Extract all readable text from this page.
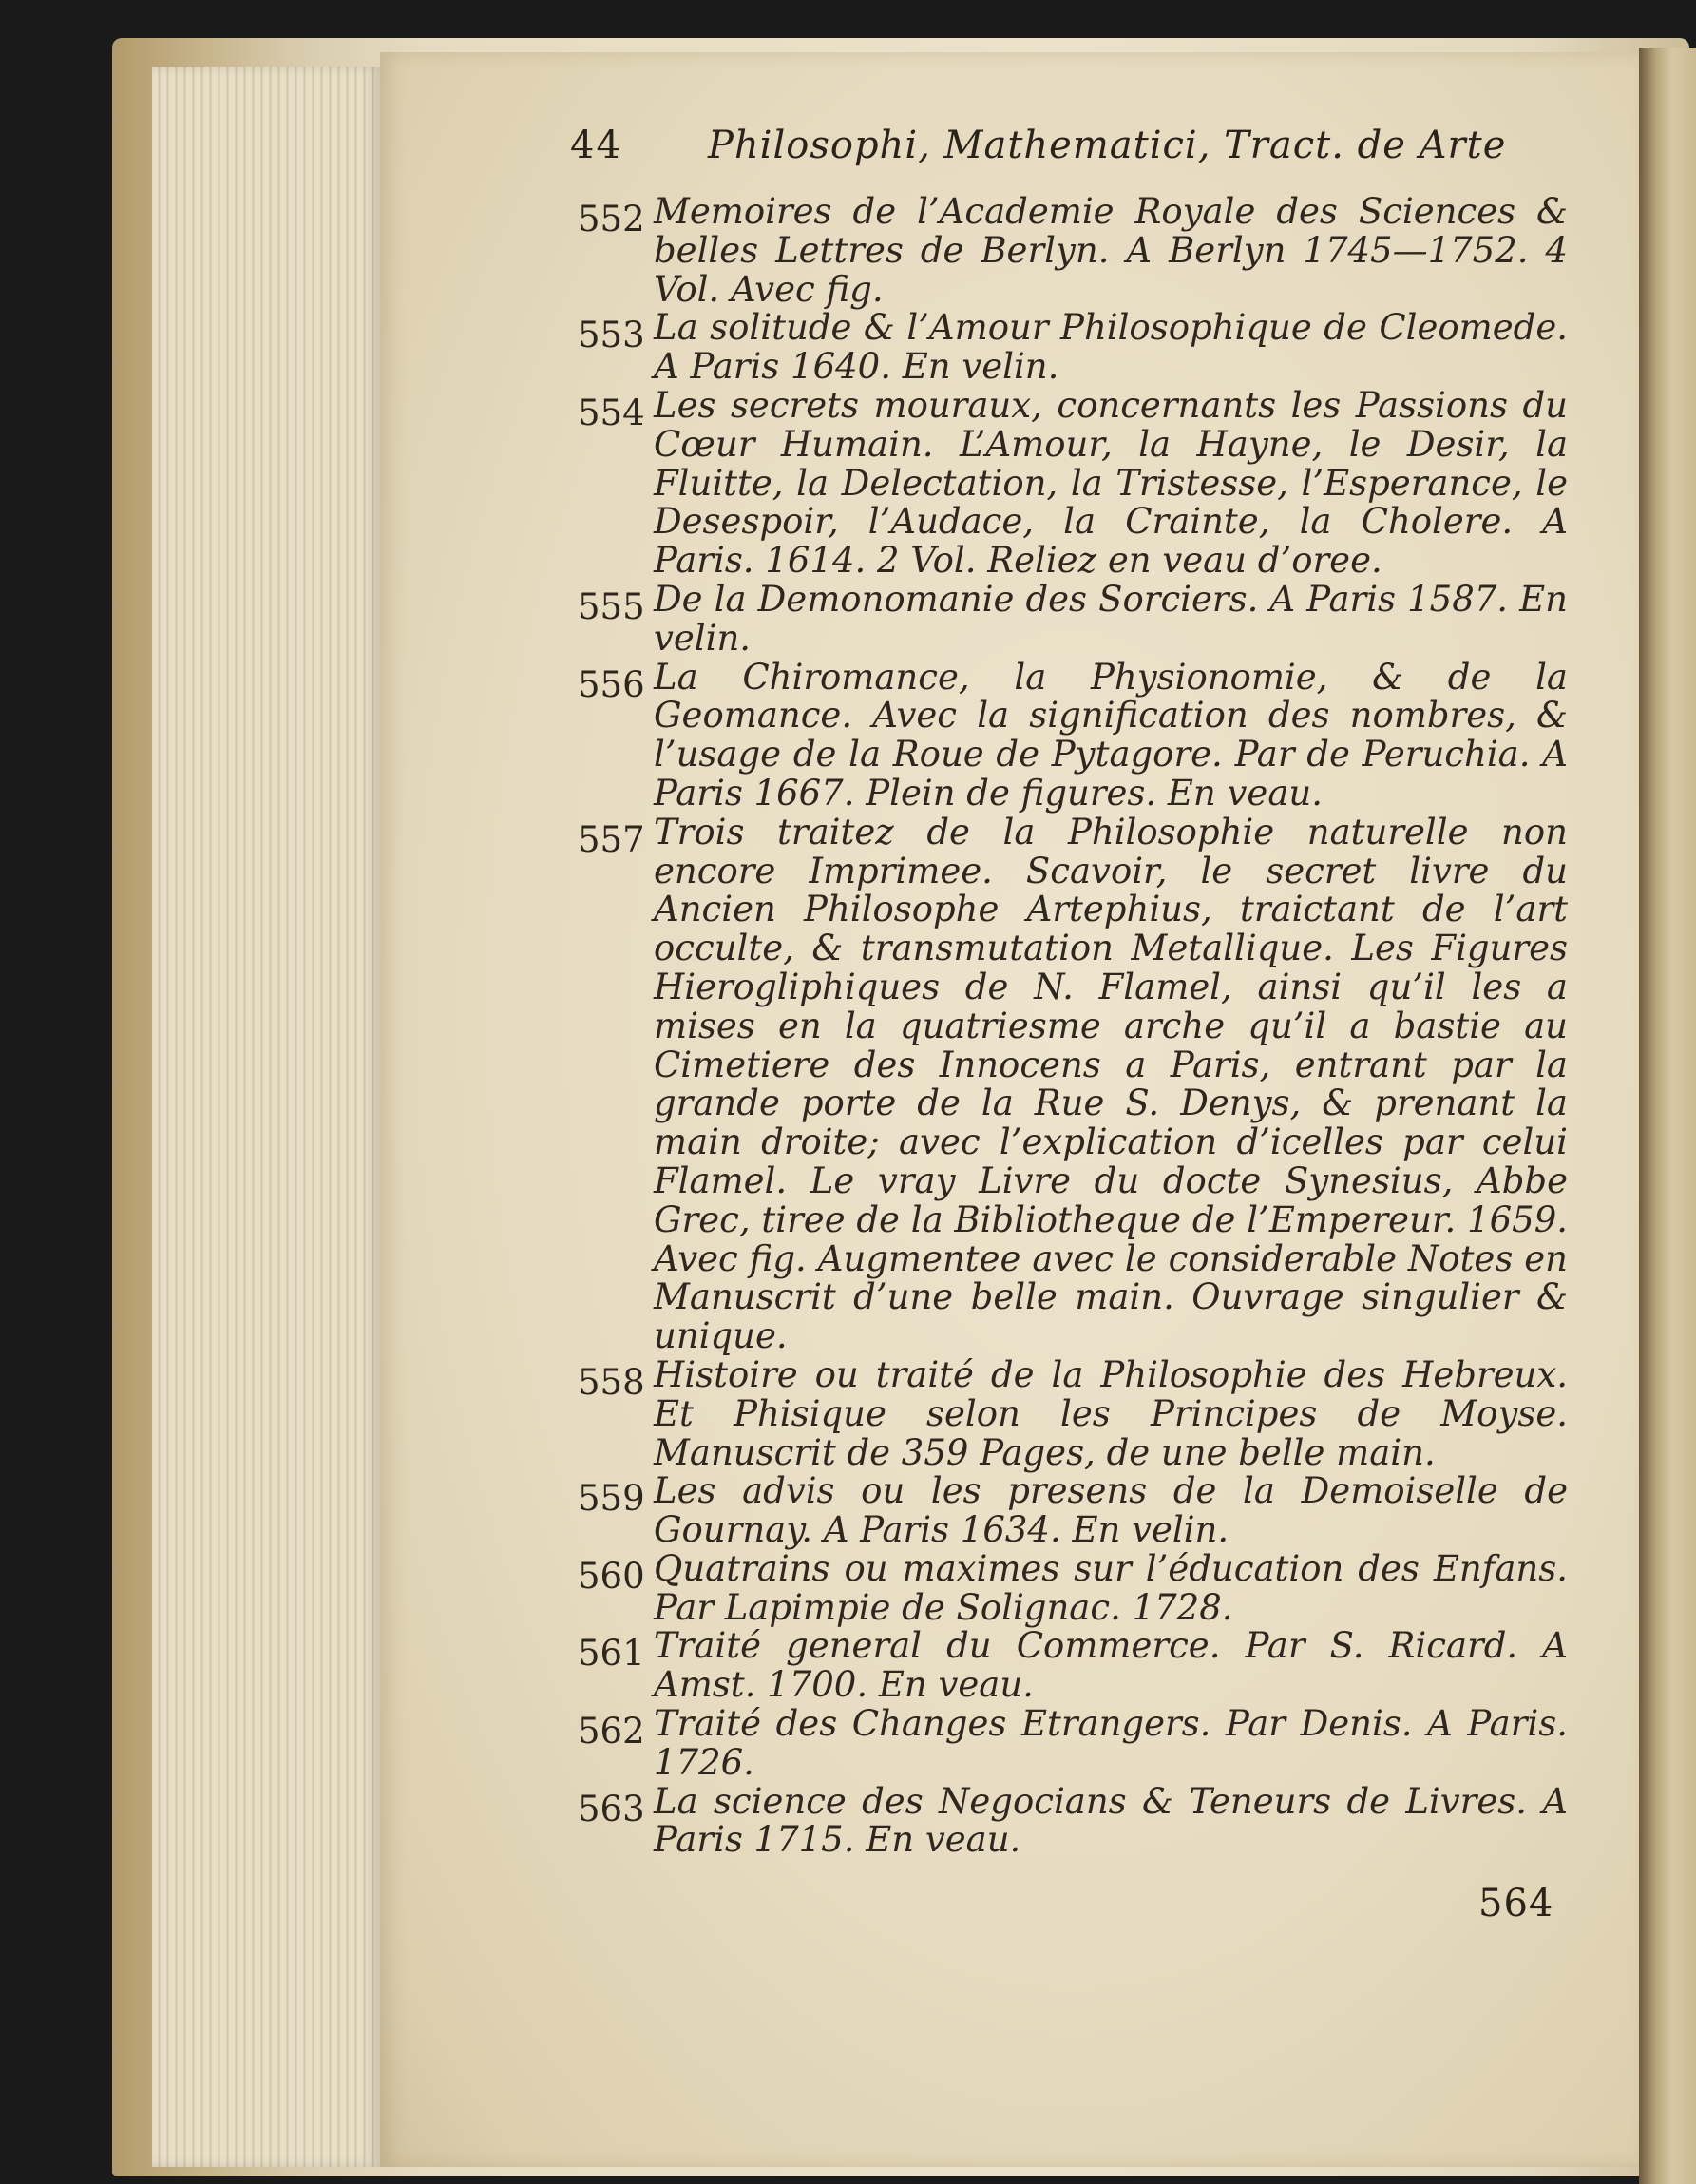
44 Philosophi, Mathematici, Tract. de Arte
552 Memoires de l’Academie Royale des Sciences & belles Lettres de Berlyn. A Berlyn 1745—1752. 4 Vol. Avec fig.
553 La solitude & l’Amour Philosophique de Cleomede. A Paris 1640. En velin.
554 Les secrets mouraux, concernants les Passions du Cœur Humain. L’Amour, la Hayne, le Desir, la Fluitte, la Delectation, la Tristesse, l’Esperance, le Desespoir, l’Audace, la Crainte, la Cholere. A Paris. 1614. 2 Vol. Reliez en veau d’oree.
555 De la Demonomanie des Sorciers. A Paris 1587. En velin.
556 La Chiromance, la Physionomie, & de la Geomance. Avec la signification des nombres, & l’usage de la Roue de Pytagore. Par de Peruchia. A Paris 1667. Plein de figures. En veau.
557 Trois traitez de la Philosophie naturelle non encore Imprimee. Scavoir, le secret livre du Ancien Philosophe Artephius, traictant de l’art occulte, & transmutation Metallique. Les Figures Hierogliphiques de N. Flamel, ainsi qu’il les a mises en la quatriesme arche qu’il a bastie au Cimetiere des Innocens a Paris, entrant par la grande porte de la Rue S. Denys, & prenant la main droite; avec l’explication d’icelles par celui Flamel. Le vray Livre du docte Synesius, Abbe Grec, tiree de la Bibliotheque de l’Empereur. 1659. Avec fig. Augmentee avec le considerable Notes en Manuscrit d’une belle main. Ouvrage singulier & unique.
558 Histoire ou traité de la Philosophie des Hebreux. Et Phisique selon les Principes de Moyse. Manuscrit de 359 Pages, de une belle main.
559 Les advis ou les presens de la Demoiselle de Gournay. A Paris 1634. En velin.
560 Quatrains ou maximes sur l’éducation des Enfans. Par Lapimpie de Solignac. 1728.
561 Traité general du Commerce. Par S. Ricard. A Amst. 1700. En veau.
562 Traité des Changes Etrangers. Par Denis. A Paris. 1726.
563 La science des Negocians & Teneurs de Livres. A Paris 1715. En veau.
564
